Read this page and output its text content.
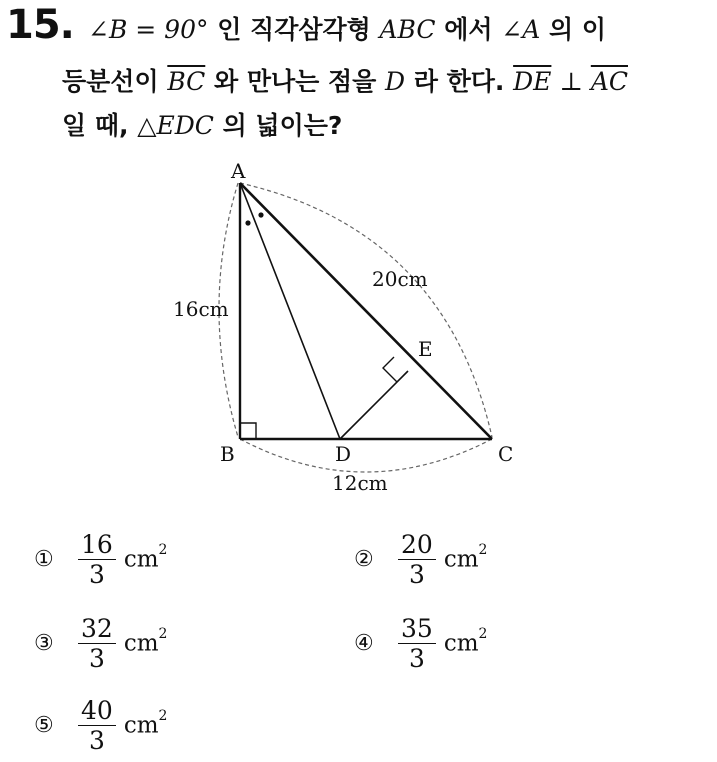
15. ∠B = 90° 인 직각삼각형 ABC 에서 ∠A 의 이
등분선이 $\overline{BC}$ 와 만나는 점을 D 라 한다. $\overline{DE}$ ⊥ $\overline{AC}$
일 때, △EDC 의 넓이는?
A
B	C
D
E
16cm
20cm
12cm
① $\frac{16}{3} cm^2$	② $\frac{20}{3} cm^2$
③ $\frac{32}{3} cm^2$	④ $\frac{35}{3} cm^2$
⑤ $\frac{40}{3} cm^2$
